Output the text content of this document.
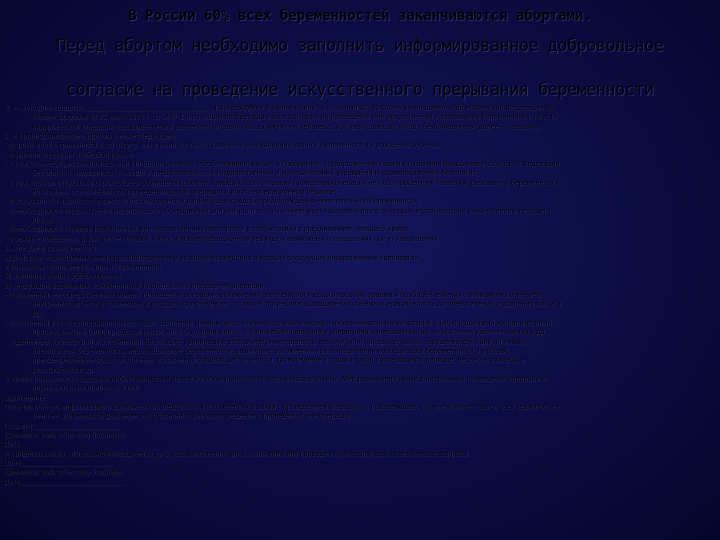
В России 60% всех беременностей заканчиваются абортами.
Перед абортом необходимо заполнить информированное добровольное
согласие на проведение искусственного прерывания беременности
Я, нижеподписавшаяся, ________________________________ года рождения в соответствии со статьями 32, 36 Основ законодательства Российской Федерации об
охране здоровья от 22 июля 1993 г. № 5487-1 настоящим подтверждаю свое согласие на проведение мне искусственного прерывания беременности, то есть
хирургической операции с разрушением и удалением плодного яйца (эмбриона человека), которая проводится под обезболиванием (далее - операция).
1. Я проинформирована врачом о нижеследующем:
- о сроке моей беременности, об отсутствии у меня противопоказаний к вынашиванию данной беременности и рождению ребенка;
- о смысле операции и обезболивания;
- о том, что медицинская помощь при операции (включая обезболивание) входит в Программу государственных гарантий оказания гражданам Российской Федерации
бесплатной медицинской помощи и предоставляется в государственных и муниципальных учреждениях здравоохранения бесплатно;
- о том, что при отсутствии строжайшего соблюдения соответствующих норм и правил проведения операции нет 100-процентной гарантии прерывания беременности
возможных осложнений при проведении самой операции и в послеоперационном периоде;
- о возможности и целесообразности использования в дальнейшем средств предупреждения нежелательной беременности;
- о необходимости прохождения медицинского обследования для контроля за состоянием моего здоровья после операции в соответствии с назначением лечащего
врача;
- о необходимости приема назначенных мне лекарственных препаратов в соответствии с предписанием лечащего врача;
- о режиме поведения, в том числе половой жизни, в послеоперационном периоде и возможных последствиях при его нарушении.
2. Мне даны разъяснения о:
а) действии назначаемых мне перед проведением и во время проведения операции следующих лекарственных препаратов:
и возможных осложнениях при их применении;
б) основных этапах обезболивания;
в) следующих возможных осложнениях и последствиях проведения операции:
- осложнения непосредственно в момент проведения операции: осложнения анестезиологического пособия; травма и прободение матки с возможным ранением
внутренних органов и кровеносных сосудов; кровотечение, что может потребовать расширения объема операции вплоть до чревосечения и удаления матки и
др.;
- осложнения в послеоперационном периоде: скопление крови в полости матки; остатки плодного яйца в полости матки, острый и (или) подострый воспалительный
процесс матки и (или) придатков матки, вплоть до перитонита, что потребует повторного оперативного вмешательства, не исключая удаления матки и др.;
- отдаленные последствия и осложнения: бесплодие; хронические воспалительные процессы матки и (или) придатков матки; нарушение функции яичников;
внематочная беременность; невынашивание беременности; различные осложнения при вынашивании последующей беременности и в родах;
преждевременные роды; различные осложнения родовой деятельности; кровотечение в родах и (или) послеродовом периоде; нервно-психические
расстройства и др.
Я имела возможность задавать любые вопросы и на все вопросы получила исчерпывающие ответы. Мне разъяснена также альтернатива проведения операции и
возможность не прибегать к ней.
Заключение:
Получив полную информацию о возможных последствиях и осложнениях в связи с проведением операции, я подтверждаю, что мне понятен смысл всех терминов, на
меня не оказывалось давление, и я осознанно принимаю решение о проведении мне операции.
Пациент______________________
(фамилия, имя, отчество) (подпись)
Дата
Я свидетельствую, что разъяснил пациентке суть, ход выполнения, риск и альтернативу проведения операции, дал ответы на все вопросы.
Врач_______________________
(фамилия, имя, отчество) (подпись)
Дата__________________________
